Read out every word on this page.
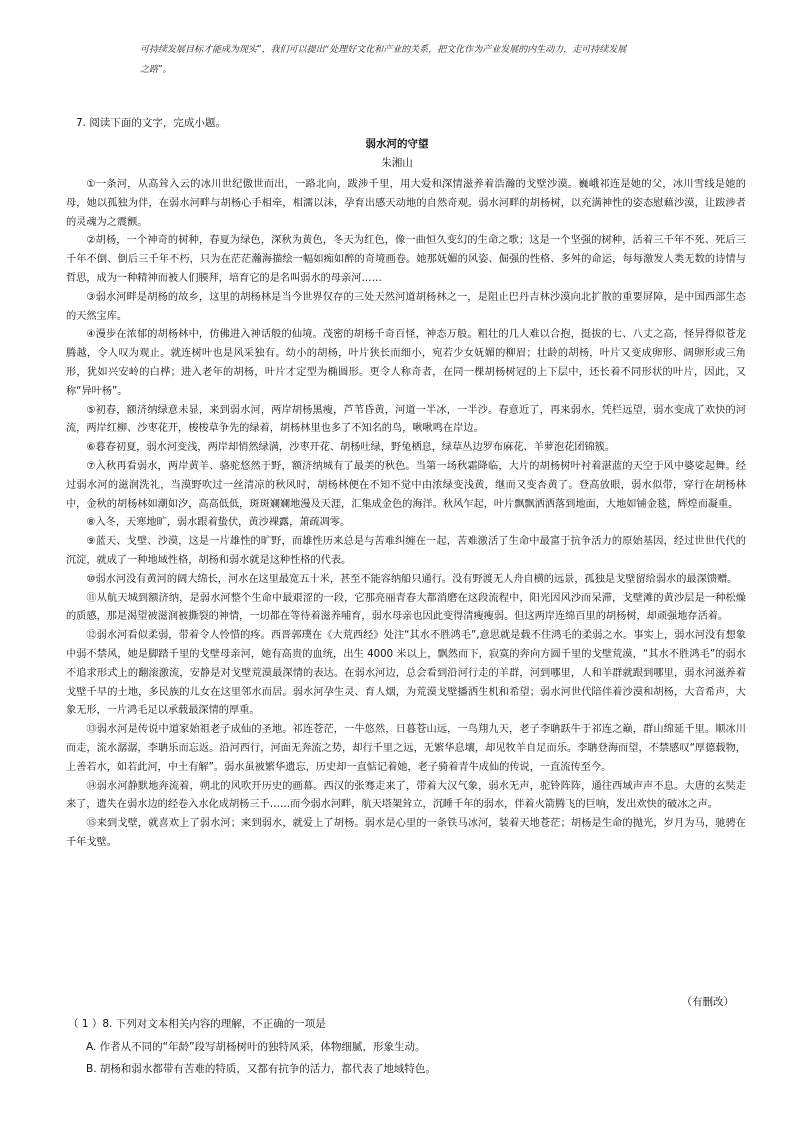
可持续发展目标才能成为现实”，我们可以提出“处理好文化和产业的关系，把文化作为产业发展的内生动力，走可持续发展

之路”。

7. 阅读下面的文字，完成小题。
弱水河的守望
朱湘山

①一条河，从高耸入云的冰川世纪傲世而出，一路北向，跋涉千里，用大爱和深情滋养着浩瀚的戈壁沙漠。巍峨祁连是她的父，冰川雪线是她的母，她以孤独为伴，在弱水河畔与胡杨心手相牵，相濡以沫，孕育出感天动地的自然奇观。弱水河畔的胡杨树，以充满神性的姿态慰藉沙漠，让跋涉者的灵魂为之震颤。

②胡杨，一个神奇的树种，春夏为绿色，深秋为黄色，冬天为红色，像一曲恒久变幻的生命之歌；这是一个坚强的树种，活着三千年不死、死后三千年不倒、倒后三千年不朽，只为在茫茫瀚海描绘一幅如痴如醉的奇境画卷。她那妩媚的风姿、倔强的性格、多舛的命运，每每激发人类无数的诗情与哲思，成为一种精神而被人们膜拜，培育它的是名叫弱水的母亲河……

③弱水河畔是胡杨的故乡，这里的胡杨林是当今世界仅存的三处天然河道胡杨林之一，是阻止巴丹吉林沙漠向北扩散的重要屏障，是中国西部生态的天然宝库。

④漫步在浓郁的胡杨林中，仿佛进入神话般的仙境。茂密的胡杨千奇百怪，神态万般。粗壮的几人难以合抱，挺拔的七、八丈之高，怪异得似苍龙腾越，令人叹为观止。就连树叶也是风采独有。幼小的胡杨，叶片狭长而细小，宛若少女妩媚的柳眉；壮龄的胡杨，叶片又变成卵形、阔卵形或三角形，犹如兴安岭的白桦；进入老年的胡杨，叶片才定型为椭圆形。更令人称奇者，在同一棵胡杨树冠的上下层中，还长着不同形状的叶片，因此，又称“异叶杨”。

⑤初春，额济纳绿意未显，来到弱水河，两岸胡杨黑瘦，芦苇昏黄，河道一半冰，一半沙。春意近了，再来弱水，凭栏远望，弱水变成了欢快的河流，两岸红柳、沙枣花开，梭梭草争先的绿着，胡杨林里也多了不知名的鸟，啾啾鸣在岸边。

⑥暮春初夏，弱水河变浅，两岸却悄然绿满，沙枣开花、胡杨吐绿，野兔栖息，绿草丛边罗布麻花、羊萝泡花团锦簇。

⑦入秋再看弱水，两岸黄羊、骆驼悠然于野，额济纳城有了最美的秋色。当第一场秋霜降临，大片的胡杨树叶衬着湛蓝的天空于风中婆娑起舞。经过弱水河的滋润洗礼，当漠野吹过一丝清凉的秋风时，胡杨林便在不知不觉中由浓绿变浅黄，继而又变杏黄了。登高放眼，弱水似带，穿行在胡杨林中，金秋的胡杨林如潮如汐，高高低低，斑斑斓斓地漫及天涯，汇集成金色的海洋。秋风乍起，叶片飘飘洒洒落到地面，大地如铺金毯，辉煌而凝重。

⑧入冬，天寒地旷，弱水跟着蛰伏，黄沙裸露，萧疏凋零。

⑨蓝天、戈壁、沙漠，这是一片雄性的旷野，而雄性历来总是与苦难纠缠在一起，苦难激活了生命中最富于抗争活力的原始基因，经过世世代代的沉淀，就成了一种地域性格，胡杨和弱水就是这种性格的代表。

⑩弱水河没有黄河的阔大绵长，河水在这里最宽五十米，甚至不能容纳船只通行。没有野渡无人舟自横的远景，孤独是戈壁留给弱水的最深馈赠。

⑪从航天城到额济纳，是弱水河整个生命中最艰涩的一段，它那亮丽青春大都消磨在这段流程中，阳光因风沙而呆滞，戈壁滩的黄沙层是一种松燥的质感，那是渴望被滋润被撕裂的神情，一切都在等待着滋养哺育，弱水母亲也因此变得清瘦瘦弱。但这两岸连绵百里的胡杨树，却顽强地存活着。

⑫弱水河看似柔弱，带着令人怜惜的疼。西晋郭璞在《大荒西经》处注“其水不胜鸿毛”,意思就是载不住鸿毛的柔弱之水。事实上，弱水河没有想象中弱不禁风，她是脚踏千里的戈壁母亲河，她有高贵的血统，出生 4000 米以上，飘然而下，寂寞的奔向方圆千里的戈壁荒漠，“其水不胜鸿毛”的弱水不追求形式上的翻滚激流，安静是对戈壁荒漠最深情的表达。在弱水河边，总会看到沿河行走的羊群，河到哪里，人和羊群就跟到哪里，弱水河滋养着戈壁千早的土地，多民族的儿女在这里邻水而居。弱水河孕生灵、育人烟，为荒漠戈壁播洒生机和希望；弱水河世代陪伴着沙漠和胡杨，大音希声，大象无形，一片鸿毛足以承载最深情的厚重。

⑬弱水河是传说中道家始祖老子成仙的圣地。祁连苍茫，一牛悠然，日暮苍山远，一鸟翔九天，老子李聃跃牛于祁连之巅，群山绵延千里。顺冰川而走，流水潺潺，李聃乐而忘返。沿河西行，河面无奔流之势，却行千里之远，无繁华息壤，却见牧羊自足而乐。李聃登海而望，不禁感叹“厚德载物，上善若水，如若此河，中土有解”。弱水虽被繁华遗忘，历史却一直惦记着她，老子骑着青牛成仙的传说，一直流传至今。

⑭弱水河静默地奔流着，朔北的风吹开历史的画幕。西汉的张骞走来了，带着大汉气象，弱水无声，驼铃阵阵，通往西域声声不息。大唐的玄奘走来了，遗失在弱水边的经卷入水化成胡杨三千……而今弱水河畔，航天塔架耸立，沉睡千年的弱水，伴着火箭腾飞的巨响，发出欢快的破冰之声。

⑮来到戈壁，就喜欢上了弱水河；来到弱水，就爱上了胡杨。弱水是心里的一条铁马冰河，装着天地苍茫；胡杨是生命的抛光，岁月为马，驰骋在千年戈壁。

（有删改）
（ 1 ）8. 下列对文本相关内容的理解，不正确的一项是
A. 作者从不同的“年龄”段写胡杨树叶的独特风采，体物细腻，形象生动。
B. 胡杨和弱水都带有苦难的特质，又都有抗争的活力，都代表了地域特色。
